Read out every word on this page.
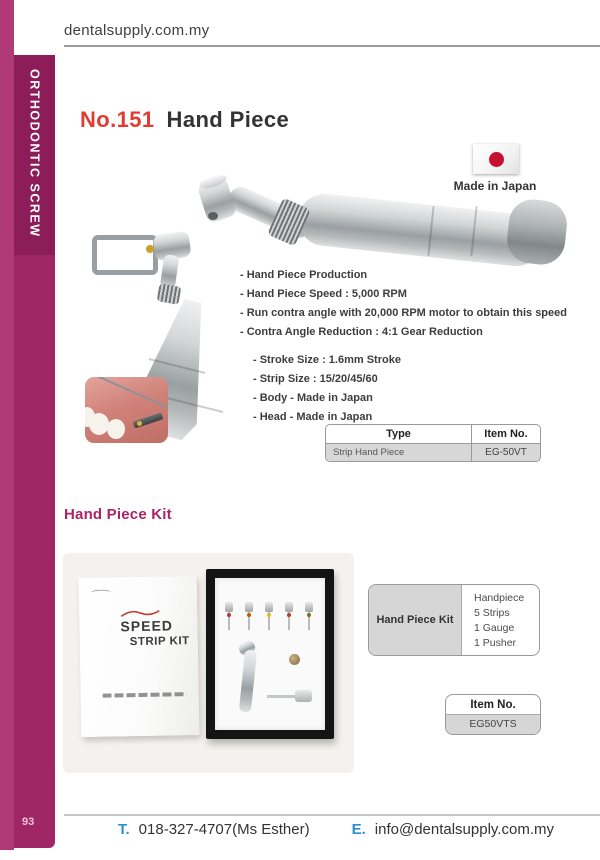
ORTHODONTIC SCREW
93
dentalsupply.com.my
No.151 Hand Piece
Made in Japan
- Hand Piece Production
- Hand Piece Speed : 5,000 RPM
- Run contra angle with 20,000 RPM motor to obtain this speed
- Contra Angle Reduction : 4:1 Gear Reduction
- Stroke Size : 1.6mm Stroke
- Strip Size : 15/20/45/60
- Body - Made in Japan
- Head - Made in Japan
Type	Item No.
Strip Hand Piece	EG-50VT
Hand Piece Kit
SPEED
STRIP KIT
Hand Piece Kit
Handpiece
5 Strips
1 Gauge
1 Pusher
Item No.
EG50VTS
T. 018-327-4707(Ms Esther)	E. info@dentalsupply.com.my
